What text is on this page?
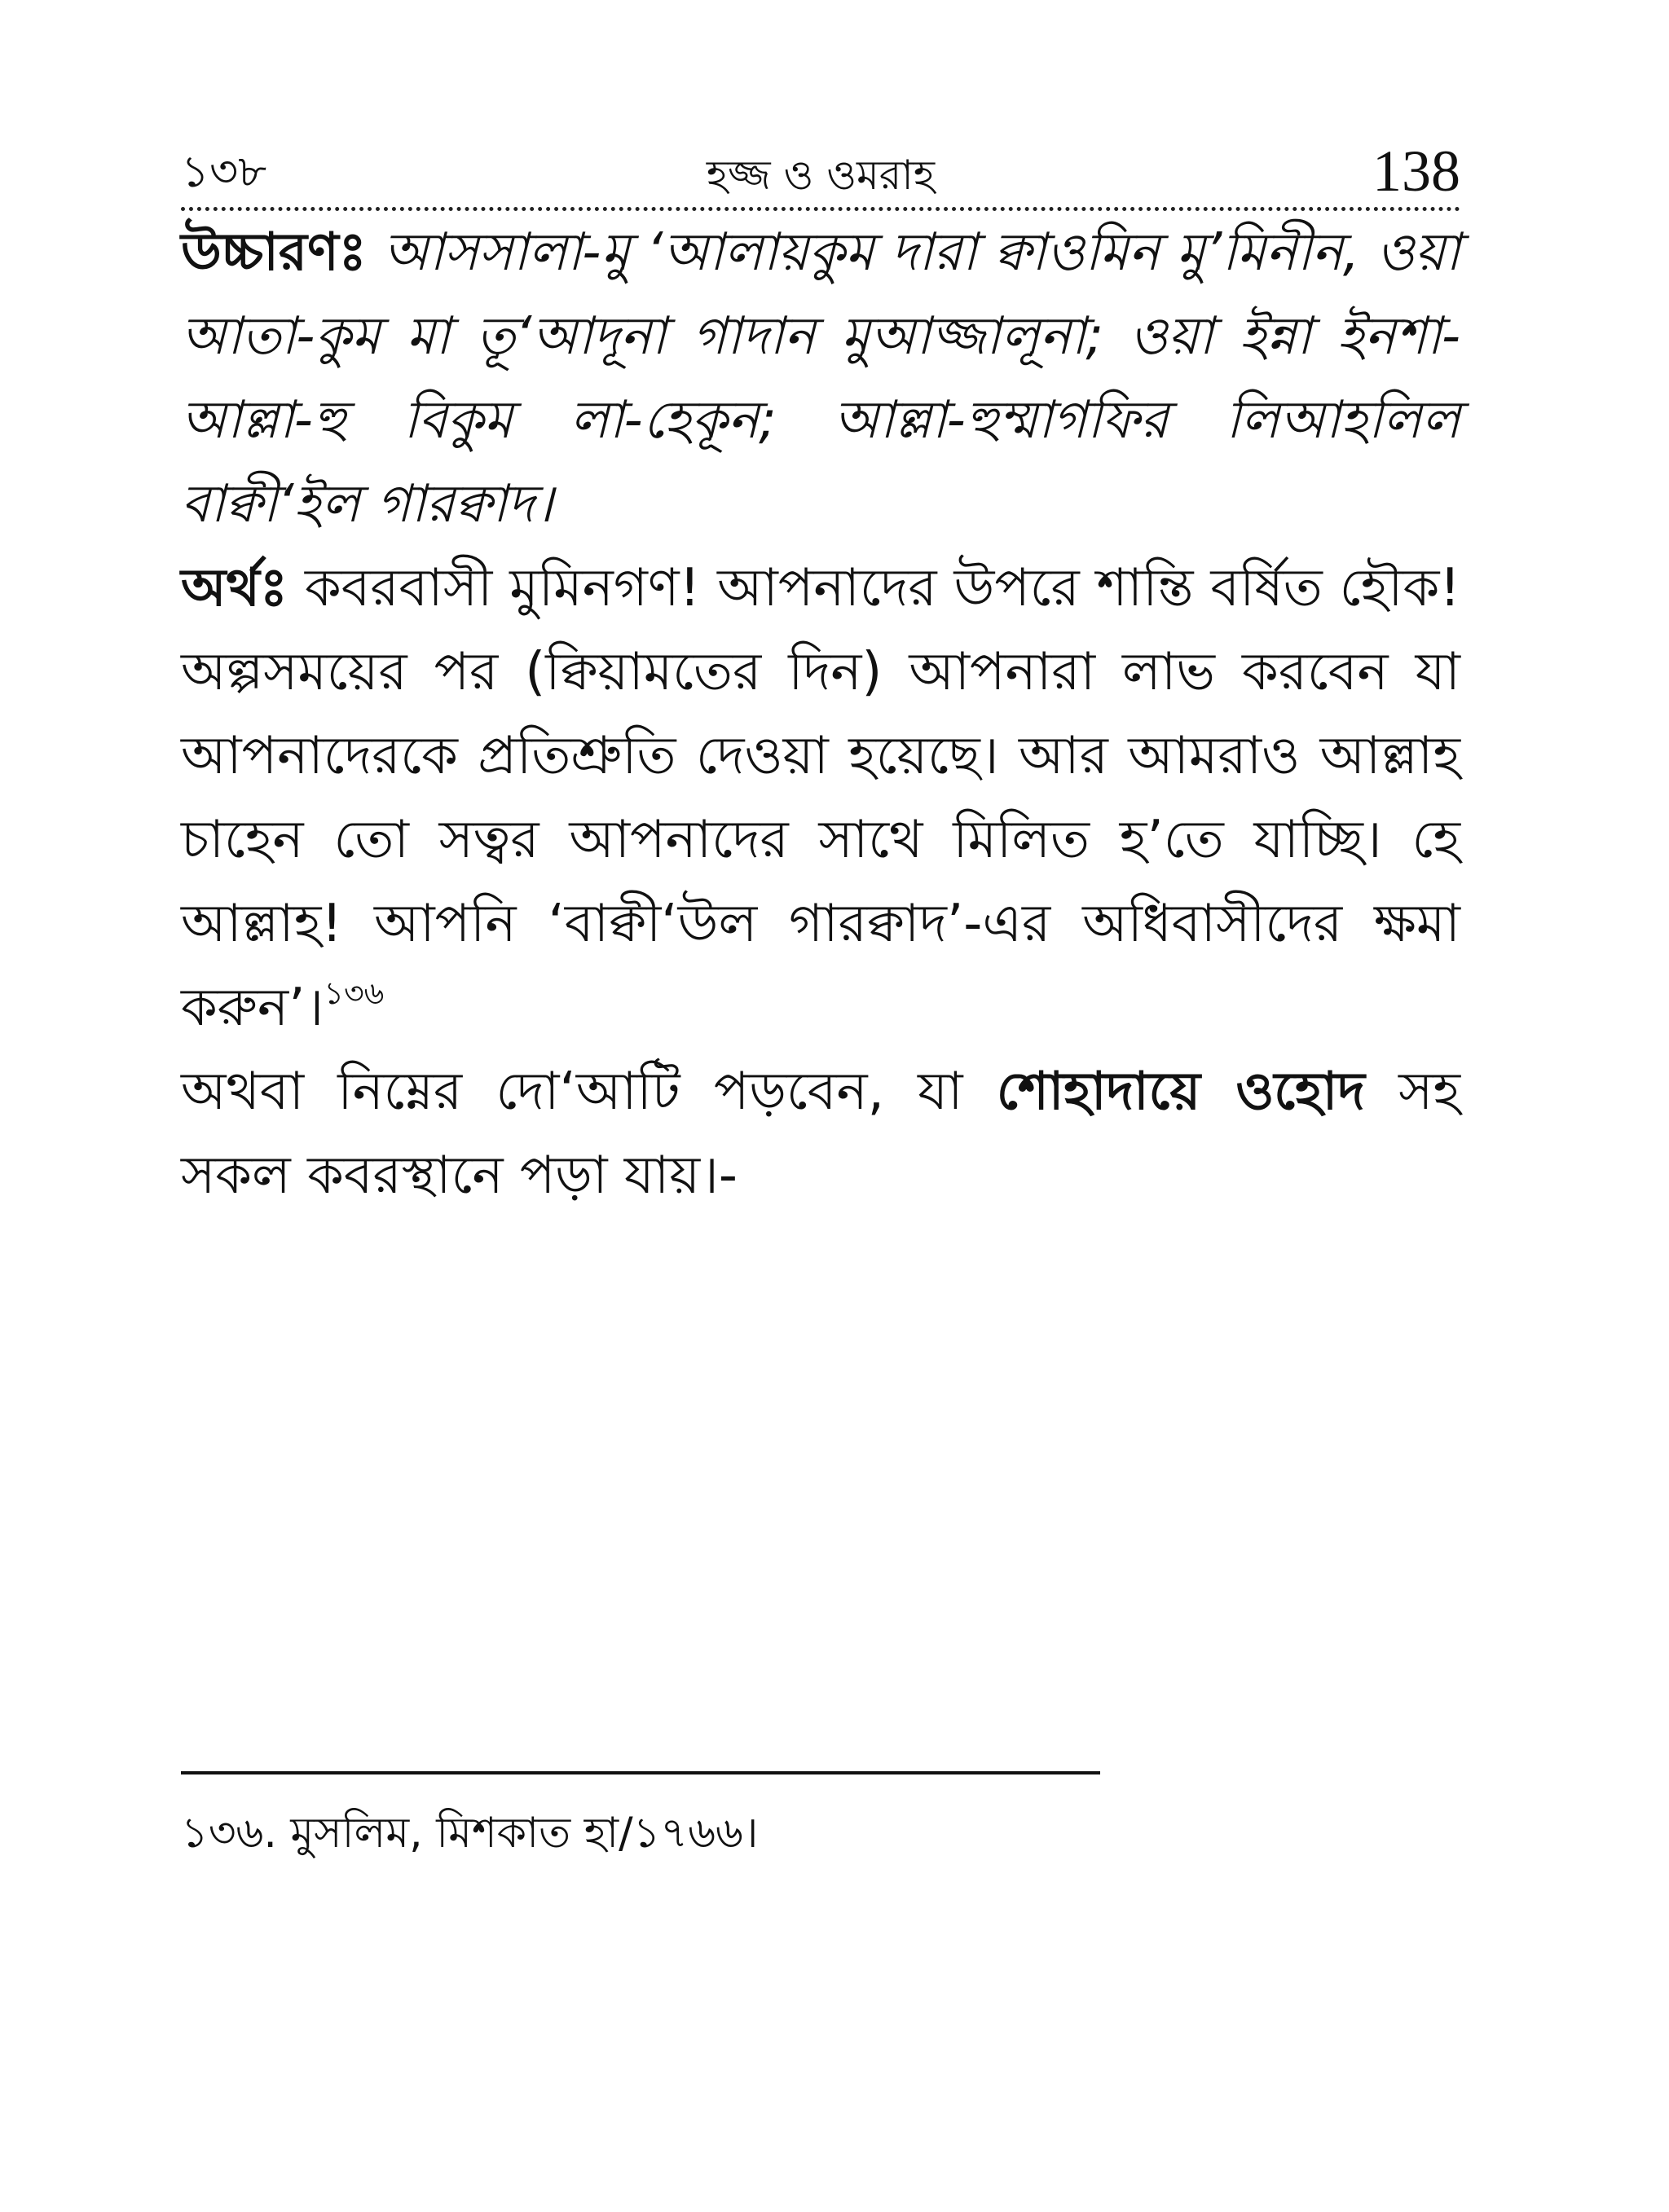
১৩৮	হজ্জ ও ওমরাহ	138

উচ্চারণঃ আসসালা-মু ‘আলায়কুম দারা ক্বাওমিন মু’মিনীন, ওয়া আতা-কুম মা তূ‘আদূনা গাদান মুআজ্জালূনা; ওয়া ইন্না ইনশা-আল্লা-হু বিকুম লা-হেকূন; আল্লা-হুম্মাগফির লিআহলিল বাক্বী‘ইল গারক্বাদ।

অর্থঃ কবরবাসী মুমিনগণ! আপনাদের উপরে শান্তি বর্ষিত হৌক! অল্পসময়ের পর (ক্বিয়ামতের দিন) আপনারা লাভ করবেন যা আপনাদেরকে প্রতিশ্রুতি দেওয়া হয়েছে। আর আমরাও আল্লাহ চাহেন তো সত্বর আপনাদের সাথে মিলিত হ’তে যাচ্ছি। হে আল্লাহ! আপনি ‘বাক্বী‘উল গারক্বাদ’-এর অধিবাসীদের ক্ষমা করুন’।$^{১৩৬}$

অথবা নিম্নের দো‘আটি পড়বেন, যা শোহাদায়ে ওহোদ সহ সকল কবরস্থানে পড়া যায়।-

১৩৬. মুসলিম, মিশকাত হা/১৭৬৬।
